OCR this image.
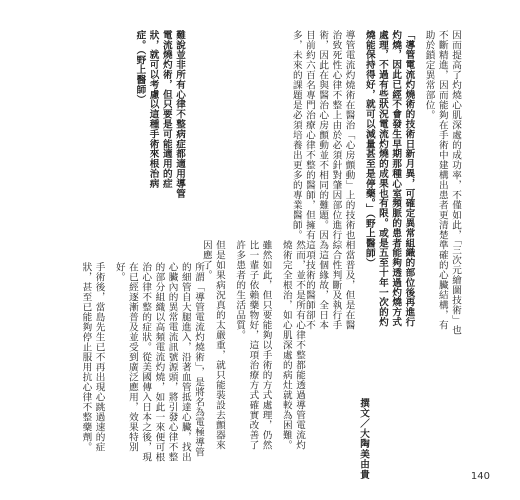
因而提高了灼燒心肌深處的成功率，不僅如此，「三次元繪圖技術」也不斷精進，因而能夠在手術中建構出患者更清楚準確的心臟結構，有助於鎖定異常部位。

「導管電流灼燒術的技術日新月異，可確定異常組織的部位後再進行灼燒，因此已經不會發生早期那種心室頻脈的患者能夠透過灼燒方式處理，不過有些狀況電流灼燒的成果也有限。或是五至十年一次的灼燒能保持得好，就可以減量甚至是停藥。」（野上醫師）

導管電流灼燒術在醫治「心房顫動」上的技術也相當普及，但是在醫治致死性心律不整上由於必須針對肇因部位進行綜合性判斷及執行手術，因此在與醫治心房顫動並不相同的難題。因為這個緣故，全日本目前約六百名專門治療心律不整的醫師，但擁有這項技術的醫師卻不多，未來的課題是必須培養出更多的專業醫師。

難說並非所有心律不整病症都適用導管電流燒灼術，但只要是可能適用的症狀，就可以考慮以這種手術來根治病症。（野上醫師）

所謂「導管電流灼燒術」，是將名為電極導管的細管自大腿進入，沿著血管抵達心臟，找出心臟內的異常電流訊號源頭，將引發心律不整的部分組織以高頻電流灼燒，如此一來便可根治心律不整的症狀。從美國傳入日本之後，現在已經逐漸普及並受到廣泛應用，效果特別好。

手術後，當島先生已不再出現心跳過速的症狀，甚至已能夠停止服用抗心律不整藥劑。	然而，並不是所有心律不整都能透過導管電流灼燒術完全根治，如心肌深處的病灶就較為困難。

雖然如此，但只要能夠以手術的方式處理，仍然比一輩子依賴藥物好，這項治療方式確實改善了許多患者的生活品質。

但是如果病況真的太嚴重，就只能裝設去顫器來因應了。

撰文／大陶美由貴	140
